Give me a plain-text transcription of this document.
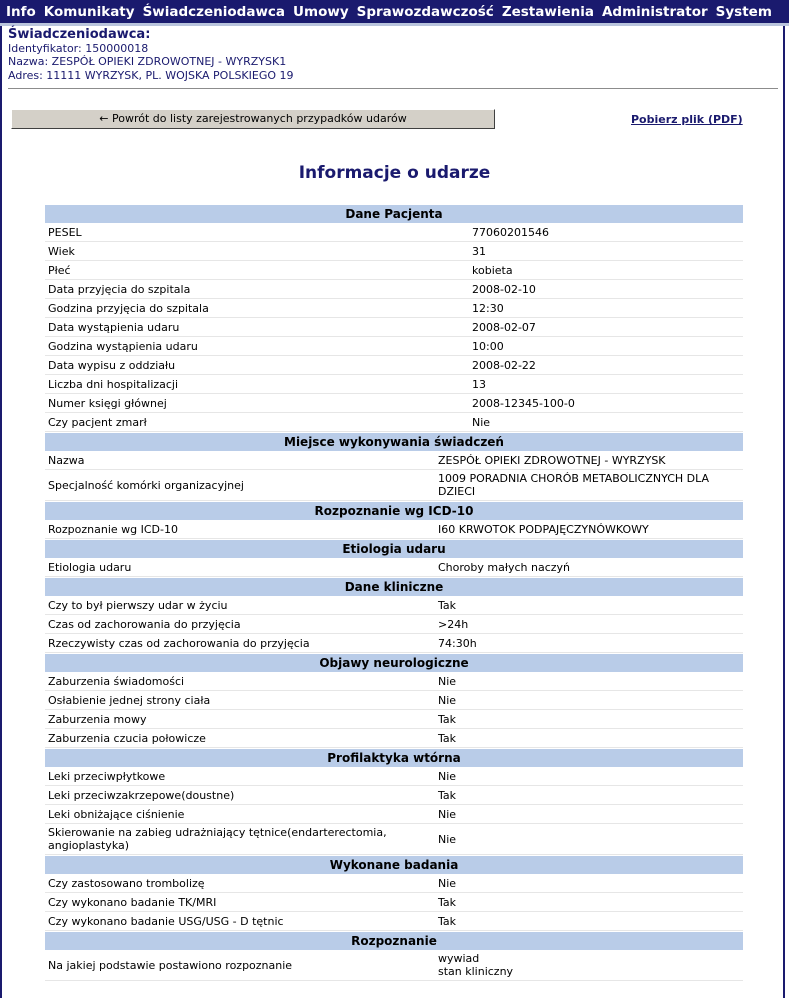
Info Komunikaty Świadczeniodawca Umowy Sprawozdawczość Zestawienia Administrator System
Świadczeniodawca:
Identyfikator: 150000018
Nazwa: ZESPÓŁ OPIEKI ZDROWOTNEJ - WYRZYSK1
Adres: 11111 WYRZYSK, PL. WOJSKA POLSKIEGO 19
← Powrót do listy zarejestrowanych przypadków udarów	Pobierz plik (PDF)
Informacje o udarze
Dane Pacjenta
PESEL	77060201546
Wiek	31
Płeć	kobieta
Data przyjęcia do szpitala	2008-02-10
Godzina przyjęcia do szpitala	12:30
Data wystąpienia udaru	2008-02-07
Godzina wystąpienia udaru	10:00
Data wypisu z oddziału	2008-02-22
Liczba dni hospitalizacji	13
Numer księgi głównej	2008-12345-100-0
Czy pacjent zmarł	Nie
Miejsce wykonywania świadczeń
Nazwa	ZESPÓŁ OPIEKI ZDROWOTNEJ - WYRZYSK
Specjalność komórki organizacyjnej	1009 PORADNIA CHORÓB METABOLICZNYCH DLA DZIECI
Rozpoznanie wg ICD-10
Rozpoznanie wg ICD-10	I60 KRWOTOK PODPAJĘCZYNÓWKOWY
Etiologia udaru
Etiologia udaru	Choroby małych naczyń
Dane kliniczne
Czy to był pierwszy udar w życiu	Tak
Czas od zachorowania do przyjęcia	>24h
Rzeczywisty czas od zachorowania do przyjęcia	74:30h
Objawy neurologiczne
Zaburzenia świadomości	Nie
Osłabienie jednej strony ciała	Nie
Zaburzenia mowy	Tak
Zaburzenia czucia połowicze	Tak
Profilaktyka wtórna
Leki przeciwpłytkowe	Nie
Leki przeciwzakrzepowe(doustne)	Tak
Leki obniżające ciśnienie	Nie
Skierowanie na zabieg udrażniający tętnice(endarterectomia, angioplastyka)	Nie
Wykonane badania
Czy zastosowano trombolizę	Nie
Czy wykonano badanie TK/MRI	Tak
Czy wykonano badanie USG/USG - D tętnic	Tak
Rozpoznanie
Na jakiej podstawie postawiono rozpoznanie	wywiad
stan kliniczny
